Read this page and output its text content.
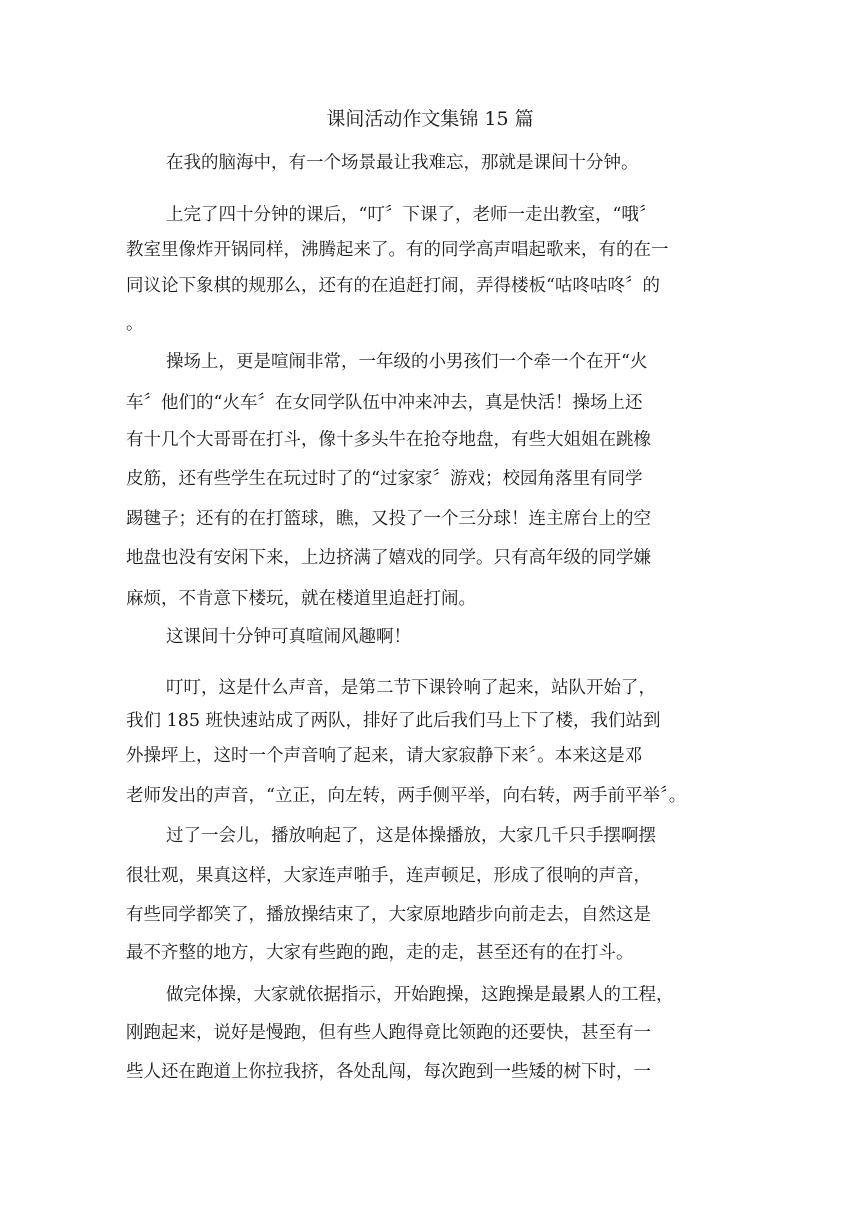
课间活动作文集锦 15 篇
在我的脑海中，有一个场景最让我难忘，那就是课间十分钟。
上完了四十分钟的课后，“叮〞下课了，老师一走出教室，“哦〞
教室里像炸开锅同样，沸腾起来了。有的同学高声唱起歌来，有的在一
同议论下象棋的规那么，还有的在追赶打闹，弄得楼板“咕咚咕咚〞的
。
操场上，更是喧闹非常，一年级的小男孩们一个牵一个在开“火
车〞他们的“火车〞在女同学队伍中冲来冲去，真是快活！操场上还
有十几个大哥哥在打斗，像十多头牛在抢夺地盘，有些大姐姐在跳橡
皮筋，还有些学生在玩过时了的“过家家〞游戏；校园角落里有同学
踢毽子；还有的在打篮球，瞧，又投了一个三分球！连主席台上的空
地盘也没有安闲下来，上边挤满了嬉戏的同学。只有高年级的同学嫌
麻烦，不肯意下楼玩，就在楼道里追赶打闹。
这课间十分钟可真喧闹风趣啊！
叮叮，这是什么声音，是第二节下课铃响了起来，站队开始了，
我们 185 班快速站成了两队，排好了此后我们马上下了楼，我们站到
外操坪上，这时一个声音响了起来，请大家寂静下来〞。本来这是邓
老师发出的声音，“立正，向左转，两手侧平举，向右转，两手前平举〞。
过了一会儿，播放响起了，这是体操播放，大家几千只手摆啊摆
很壮观，果真这样，大家连声啪手，连声顿足，形成了很响的声音，
有些同学都笑了，播放操结束了，大家原地踏步向前走去，自然这是
最不齐整的地方，大家有些跑的跑，走的走，甚至还有的在打斗。
做完体操，大家就依据指示，开始跑操，这跑操是最累人的工程，
刚跑起来，说好是慢跑，但有些人跑得竟比领跑的还要快，甚至有一
些人还在跑道上你拉我挤，各处乱闯，每次跑到一些矮的树下时，一
